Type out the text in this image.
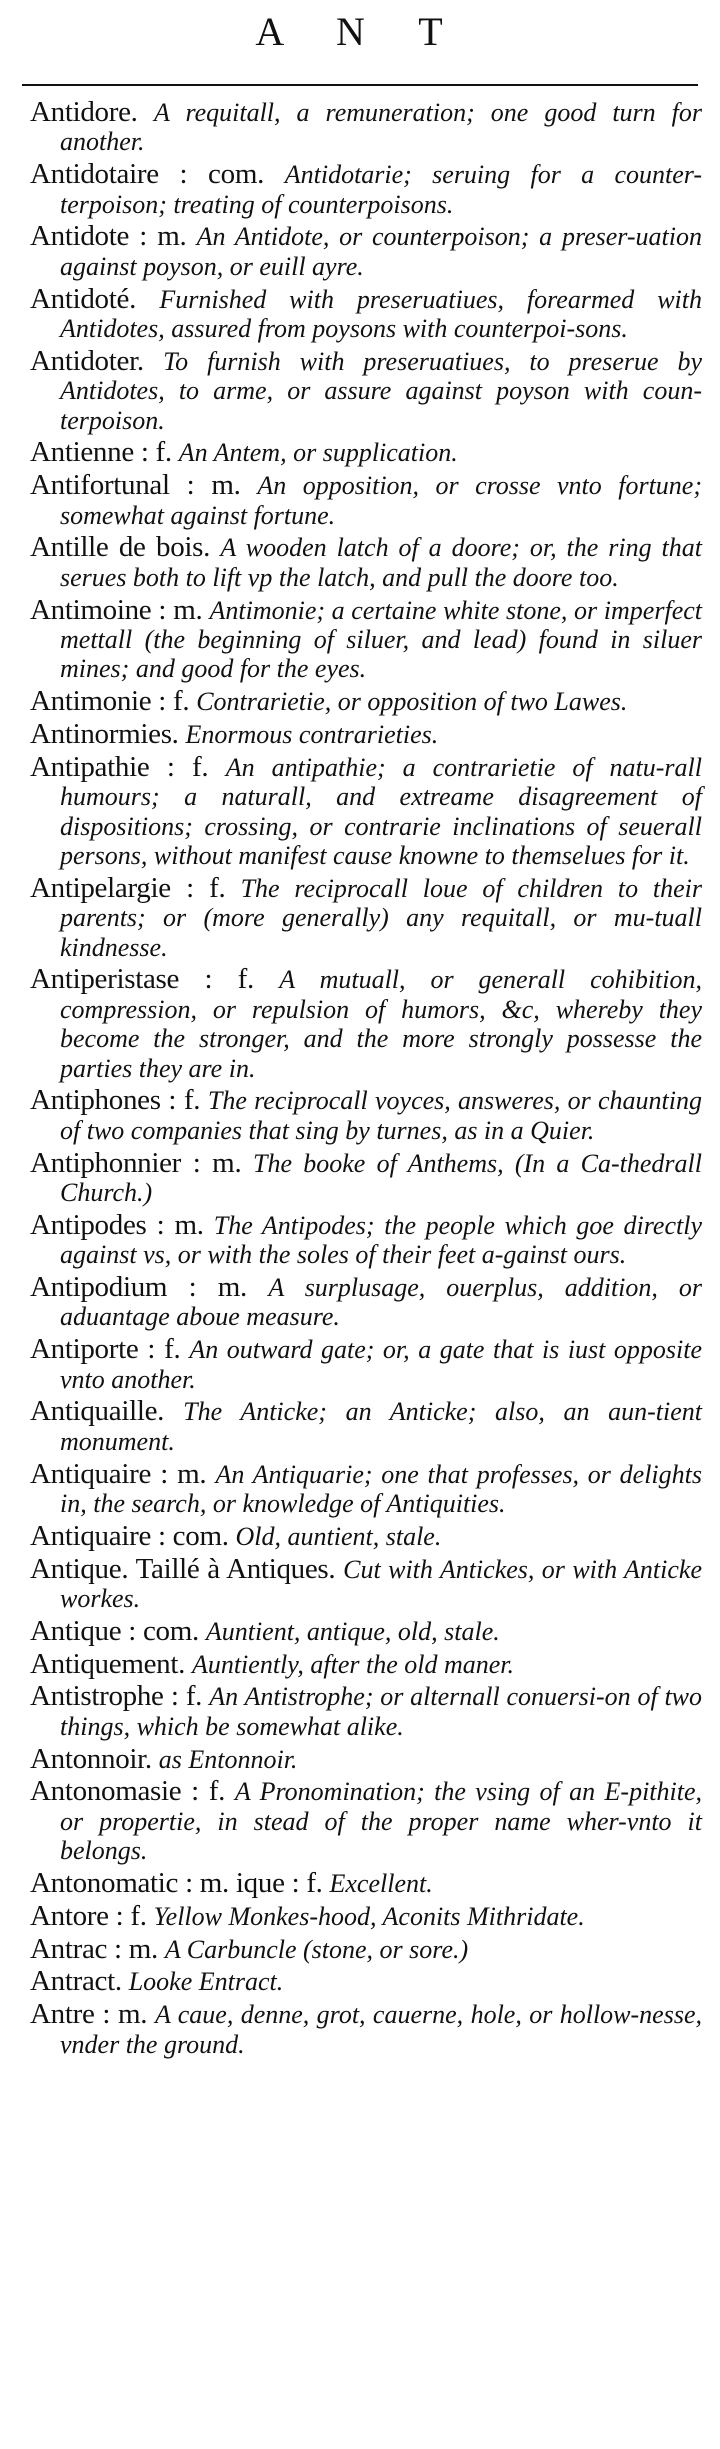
A N T

Antidore. A requitall, a remuneration; one good turn for another.

Antidotaire : com. Antidotarie; seruing for a counter-terpoison; treating of counterpoisons.

Antidote : m. An Antidote, or counterpoison; a preser-uation against poyson, or euill ayre.

Antidoté. Furnished with preseruatiues, forearmed with Antidotes, assured from poysons with counterpoi-sons.

Antidoter. To furnish with preseruatiues, to preserue by Antidotes, to arme, or assure against poyson with coun-terpoison.

Antienne : f. An Antem, or supplication.

Antifortunal : m. An opposition, or crosse vnto fortune; somewhat against fortune.

Antille de bois. A wooden latch of a doore; or, the ring that serues both to lift vp the latch, and pull the doore too.

Antimoine : m. Antimonie; a certaine white stone, or imperfect mettall (the beginning of siluer, and lead) found in siluer mines; and good for the eyes.

Antimonie : f. Contrarietie, or opposition of two Lawes.

Antinormies. Enormous contrarieties.

Antipathie : f. An antipathie; a contrarietie of natu-rall humours; a naturall, and extreame disagreement of dispositions; crossing, or contrarie inclinations of seuerall persons, without manifest cause knowne to themselues for it.

Antipelargie : f. The reciprocall loue of children to their parents; or (more generally) any requitall, or mu-tuall kindnesse.

Antiperistase : f. A mutuall, or generall cohibition, compression, or repulsion of humors, &c, whereby they become the stronger, and the more strongly possesse the parties they are in.

Antiphones : f. The reciprocall voyces, answeres, or chaunting of two companies that sing by turnes, as in a Quier.

Antiphonnier : m. The booke of Anthems, (In a Ca-thedrall Church.)

Antipodes : m. The Antipodes; the people which goe directly against vs, or with the soles of their feet a-gainst ours.

Antipodium : m. A surplusage, ouerplus, addition, or aduantage aboue measure.

Antiporte : f. An outward gate; or, a gate that is iust opposite vnto another.

Antiquaille. The Anticke; an Anticke; also, an aun-tient monument.

Antiquaire : m. An Antiquarie; one that professes, or delights in, the search, or knowledge of Antiquities.

Antiquaire : com. Old, auntient, stale.

Antique. Taillé à Antiques. Cut with Antickes, or with Anticke workes.

Antique : com. Auntient, antique, old, stale.

Antiquement. Auntiently, after the old maner.

Antistrophe : f. An Antistrophe; or alternall conuersi-on of two things, which be somewhat alike.

Antonnoir. as Entonnoir.

Antonomasie : f. A Pronomination; the vsing of an E-pithite, or propertie, in stead of the proper name wher-vnto it belongs.

Antonomatic : m. ique : f. Excellent.

Antore : f. Yellow Monkes-hood, Aconits Mithridate.

Antrac : m. A Carbuncle (stone, or sore.)

Antract. Looke Entract.

Antre : m. A caue, denne, grot, cauerne, hole, or hollow-nesse, vnder the ground.
